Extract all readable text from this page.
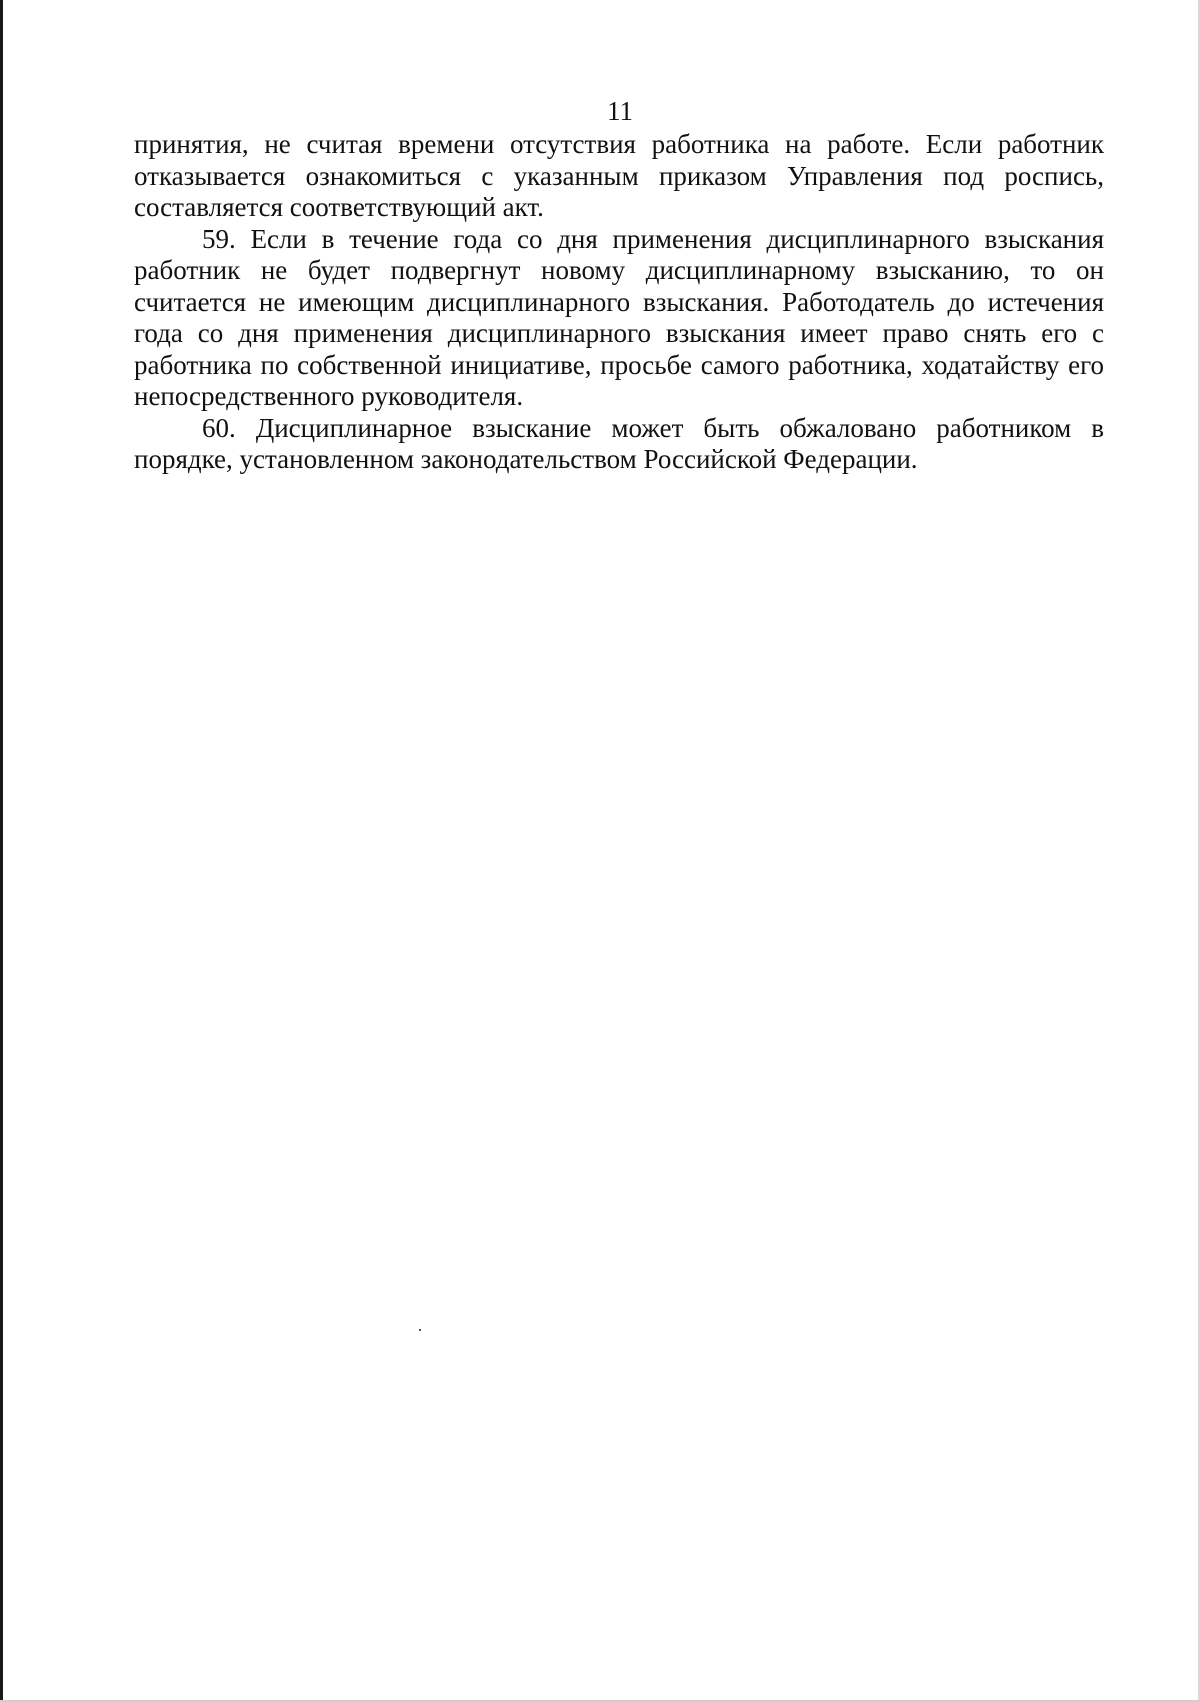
11

принятия, не считая времени отсутствия работника на работе. Если работник отказывается ознакомиться с указанным приказом Управления под роспись, составляется соответствующий акт.

59. Если в течение года со дня применения дисциплинарного взыскания работник не будет подвергнут новому дисциплинарному взысканию, то он считается не имеющим дисциплинарного взыскания. Работодатель до истечения года со дня применения дисциплинарного взыскания имеет право снять его с работника по собственной инициативе, просьбе самого работника, ходатайству его непосредственного руководителя.

60. Дисциплинарное взыскание может быть обжаловано работником в порядке, установленном законодательством Российской Федерации.
